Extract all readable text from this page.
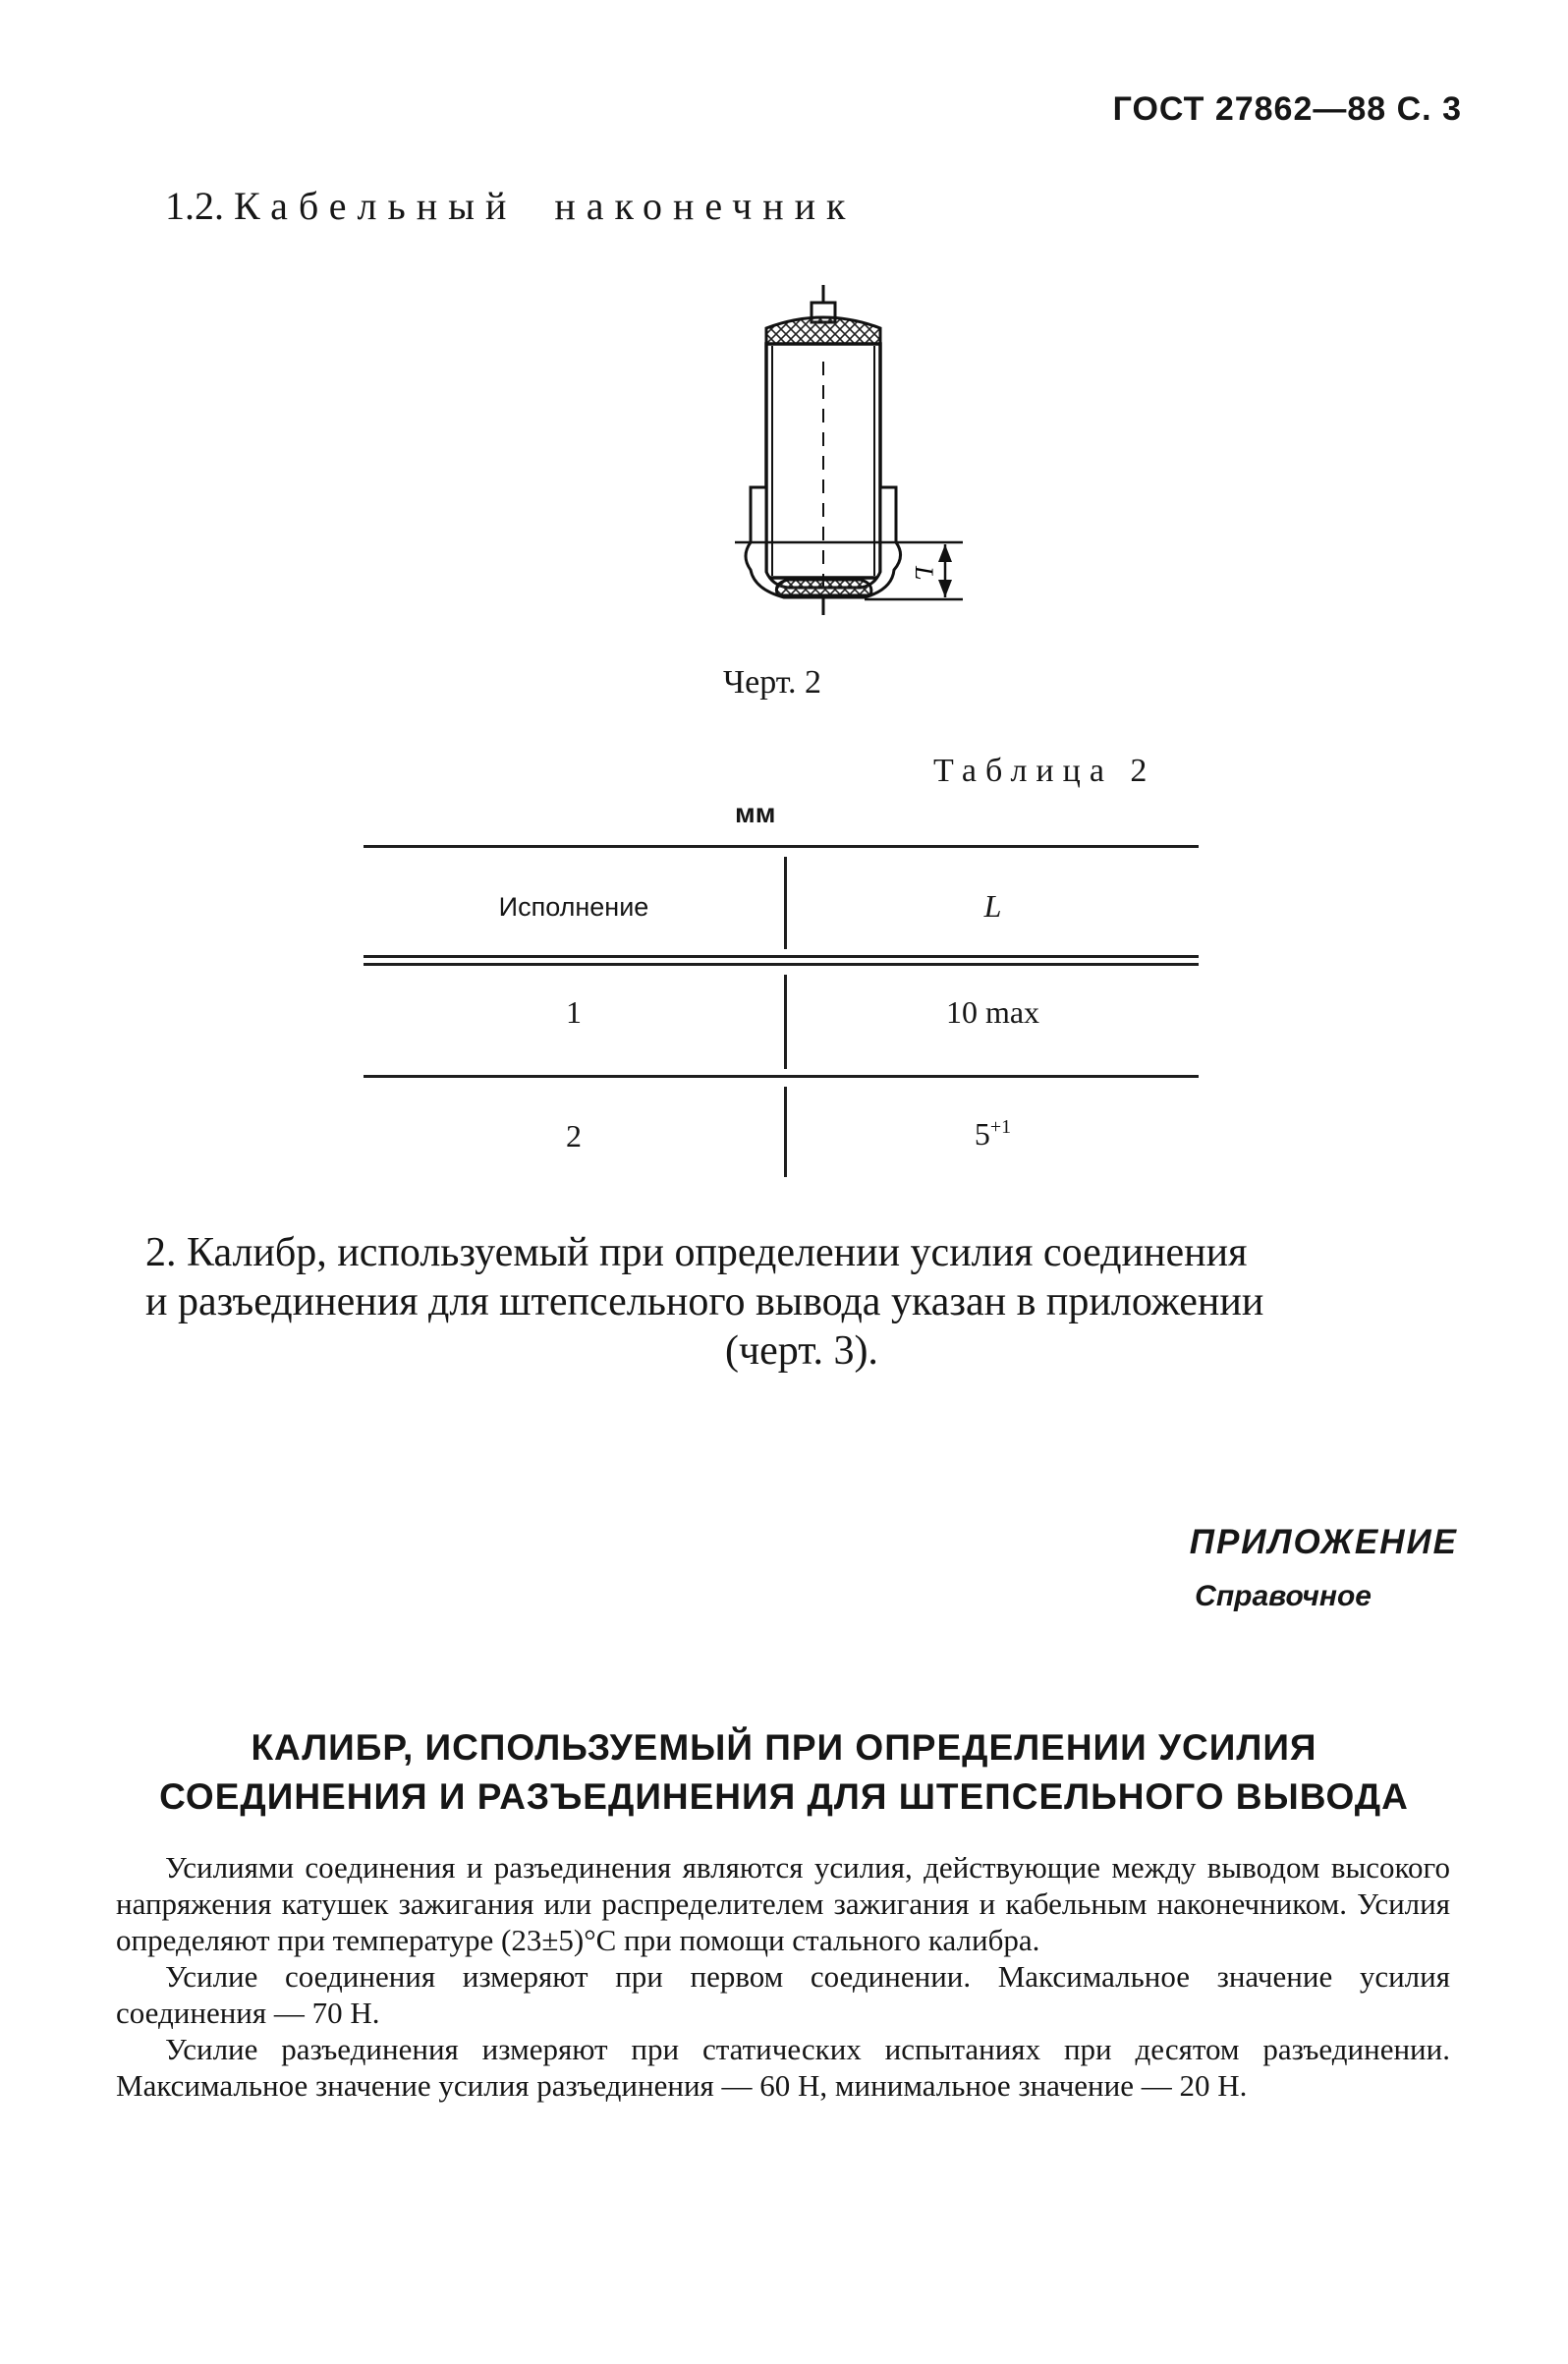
ГОСТ 27862—88 С. 3
1.2. Кабельный наконечник
L
Черт. 2
Таблица 2
мм
Исполнение	L
1	10 max
2	$5^{+1}$
2. Калибр, используемый при определении усилия соединения
и разъединения для штепсельного вывода указан в приложении
(черт. 3).
ПРИЛОЖЕНИЕ
Справочное
КАЛИБР, ИСПОЛЬЗУЕМЫЙ ПРИ ОПРЕДЕЛЕНИИ УСИЛИЯ
СОЕДИНЕНИЯ И РАЗЪЕДИНЕНИЯ ДЛЯ ШТЕПСЕЛЬНОГО ВЫВОДА

Усилиями соединения и разъединения являются усилия, действующие между выводом высокого напряжения катушек зажигания или распределителем зажигания и кабельным наконечником. Усилия определяют при температуре (23±5)°С при помощи стального калибра.

Усилие соединения измеряют при первом соединении. Максимальное значение усилия соединения — 70 Н.

Усилие разъединения измеряют при статических испытаниях при десятом разъединении. Максимальное значение усилия разъединения — 60 Н, минимальное значение — 20 Н.
